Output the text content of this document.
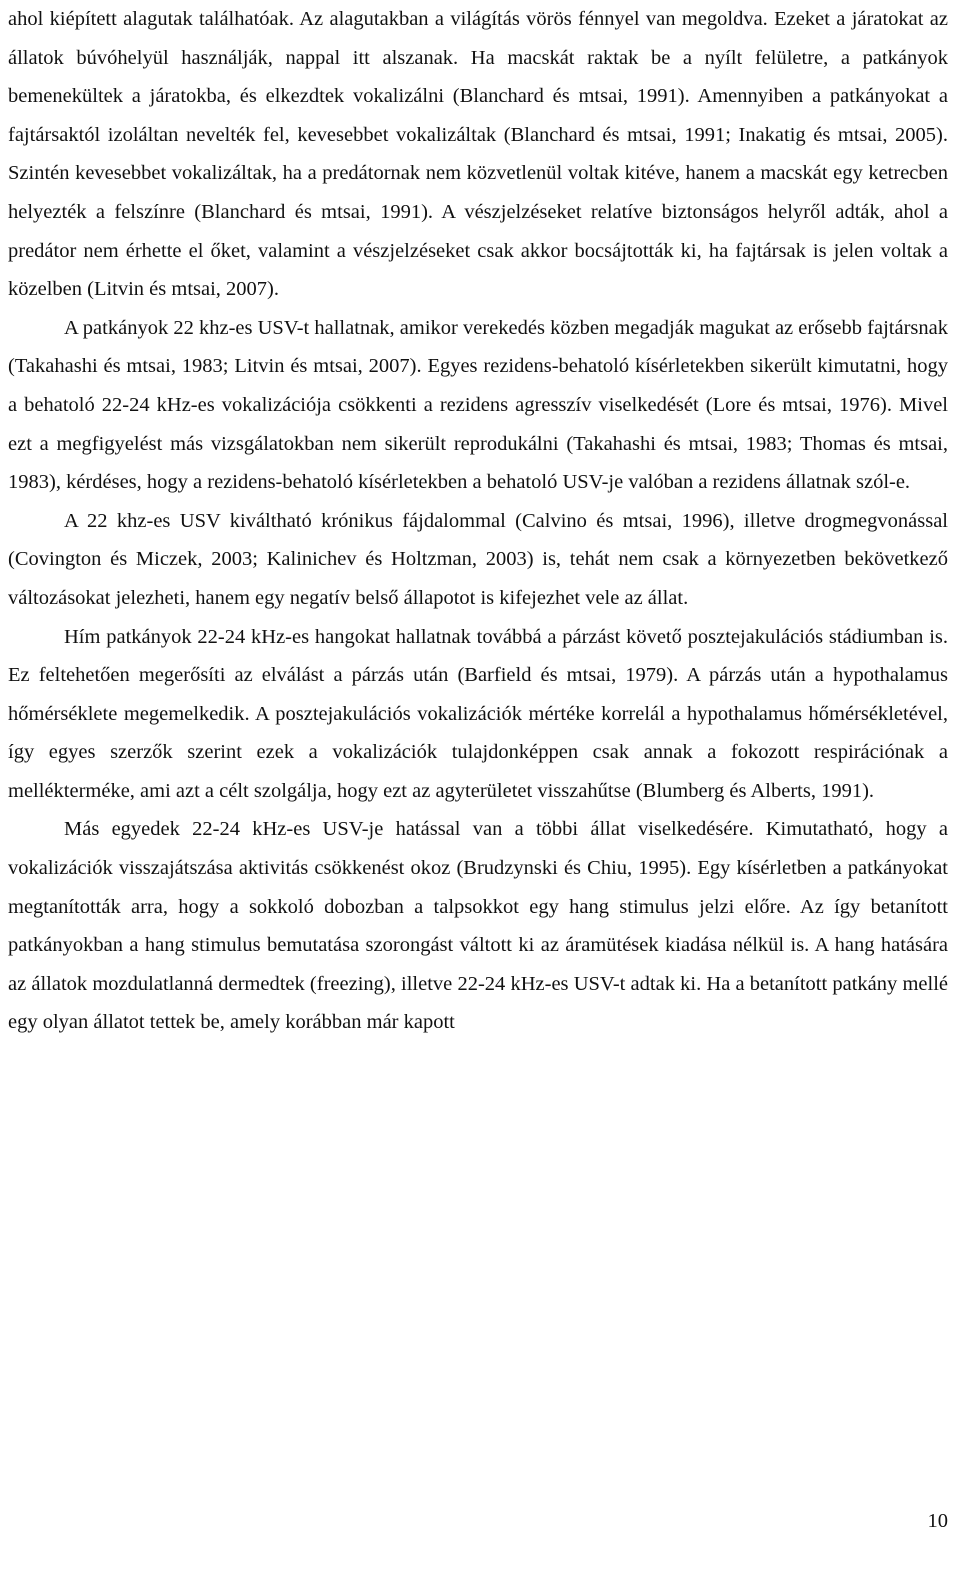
ahol kiépített alagutak találhatóak. Az alagutakban a világítás vörös fénnyel van megoldva. Ezeket a járatokat az állatok búvóhelyül használják, nappal itt alszanak. Ha macskát raktak be a nyílt felületre, a patkányok bemenekültek a járatokba, és elkezdtek vokalizálni (Blanchard és mtsai, 1991). Amennyiben a patkányokat a fajtársaktól izoláltan nevelték fel, kevesebbet vokalizáltak (Blanchard és mtsai, 1991; Inakatig és mtsai, 2005). Szintén kevesebbet vokalizáltak, ha a predátornak nem közvetlenül voltak kitéve, hanem a macskát egy ketrecben helyezték a felszínre (Blanchard és mtsai, 1991). A vészjelzéseket relatíve biztonságos helyről adták, ahol a predátor nem érhette el őket, valamint a vészjelzéseket csak akkor bocsájtották ki, ha fajtársak is jelen voltak a közelben (Litvin és mtsai, 2007).

A patkányok 22 khz-es USV-t hallatnak, amikor verekedés közben megadják magukat az erősebb fajtársnak (Takahashi és mtsai, 1983; Litvin és mtsai, 2007). Egyes rezidens-behatoló kísérletekben sikerült kimutatni, hogy a behatoló 22-24 kHz-es vokalizációja csökkenti a rezidens agresszív viselkedését (Lore és mtsai, 1976). Mivel ezt a megfigyelést más vizsgálatokban nem sikerült reprodukálni (Takahashi és mtsai, 1983; Thomas és mtsai, 1983), kérdéses, hogy a rezidens-behatoló kísérletekben a behatoló USV-je valóban a rezidens állatnak szól-e.

A 22 khz-es USV kiváltható krónikus fájdalommal (Calvino és mtsai, 1996), illetve drogmegvonással (Covington és Miczek, 2003; Kalinichev és Holtzman, 2003) is, tehát nem csak a környezetben bekövetkező változásokat jelezheti, hanem egy negatív belső állapotot is kifejezhet vele az állat.

Hím patkányok 22-24 kHz-es hangokat hallatnak továbbá a párzást követő posztejakulációs stádiumban is. Ez feltehetően megerősíti az elválást a párzás után (Barfield és mtsai, 1979). A párzás után a hypothalamus hőmérséklete megemelkedik. A posztejakulációs vokalizációk mértéke korrelál a hypothalamus hőmérsékletével, így egyes szerzők szerint ezek a vokalizációk tulajdonképpen csak annak a fokozott respirációnak a mellékterméke, ami azt a célt szolgálja, hogy ezt az agyterületet visszahűtse (Blumberg és Alberts, 1991).

Más egyedek 22-24 kHz-es USV-je hatással van a többi állat viselkedésére. Kimutatható, hogy a vokalizációk visszajátszása aktivitás csökkenést okoz (Brudzynski és Chiu, 1995). Egy kísérletben a patkányokat megtanították arra, hogy a sokkoló dobozban a talpsokkot egy hang stimulus jelzi előre. Az így betanított patkányokban a hang stimulus bemutatása szorongást váltott ki az áramütések kiadása nélkül is. A hang hatására az állatok mozdulatlanná dermedtek (freezing), illetve 22-24 kHz-es USV-t adtak ki. Ha a betanított patkány mellé egy olyan állatot tettek be, amely korábban már kapott

10
